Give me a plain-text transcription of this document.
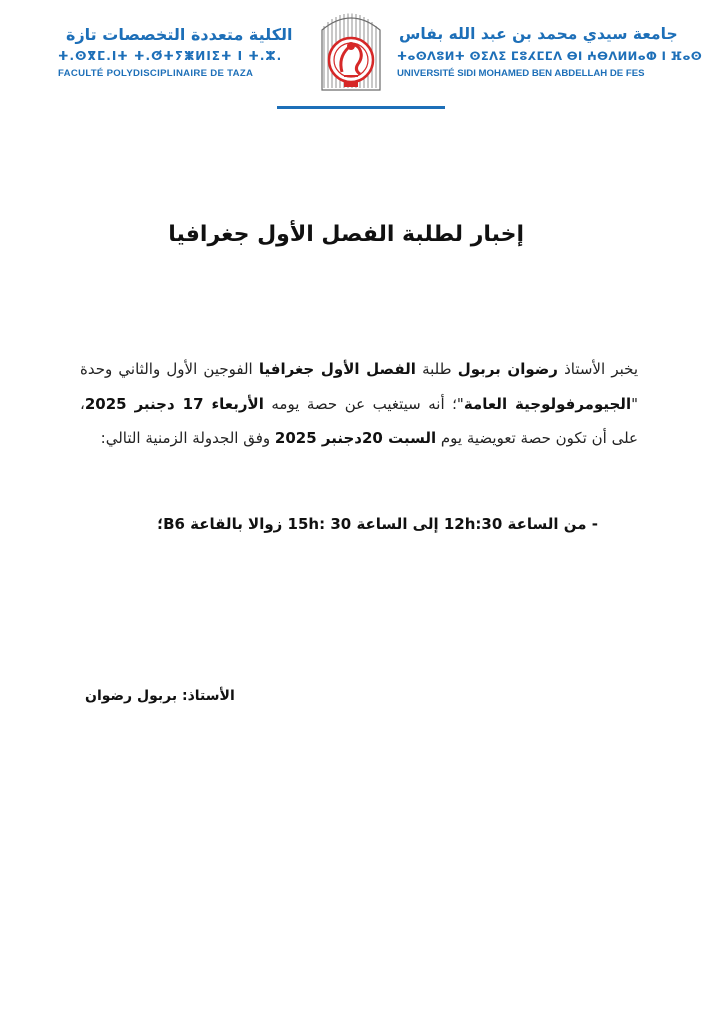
الكلية متعددة التخصصات تازة
ⵜ.ⵙⴳⵎ.ⵏⵜ ⵜ.ⵚⵜⵢⵥⵍⵏⵉⵜ ⵏ ⵜ.ⵣ.
FACULTÉ POLYDISCIPLINAIRE DE TAZA
جامعة سيدي محمد بن عبد الله بفاس
ⵜⴰⵙⴷⵓⵍⵜ ⵙⵉⴷⵉ ⵎⵓⵃⵎⵎⴷ ⴱⵏ ⵄⴱⴷⵍⵍⴰⵀ ⵏ ⴼⴰⵙ
UNIVERSITÉ SIDI MOHAMED BEN ABDELLAH DE FES
إخبار لطلبة الفصل الأول جغرافيا
يخبر الأستاذ رضوان بربول طلبة الفصل الأول جغرافيا الفوجين الأول والثاني وحدة "الجيومرفولوجية العامة"؛ أنه سيتغيب عن حصة يومه الأربعاء 17 دجنبر 2025، على أن تكون حصة تعويضية يوم السبت 20دجنبر 2025 وفق الجدولة الزمنية التالي:
- من الساعة 12h:30 إلى الساعة 30 :15h زوالا بالقاعة B6؛
الأستاذ: بربول رضوان
